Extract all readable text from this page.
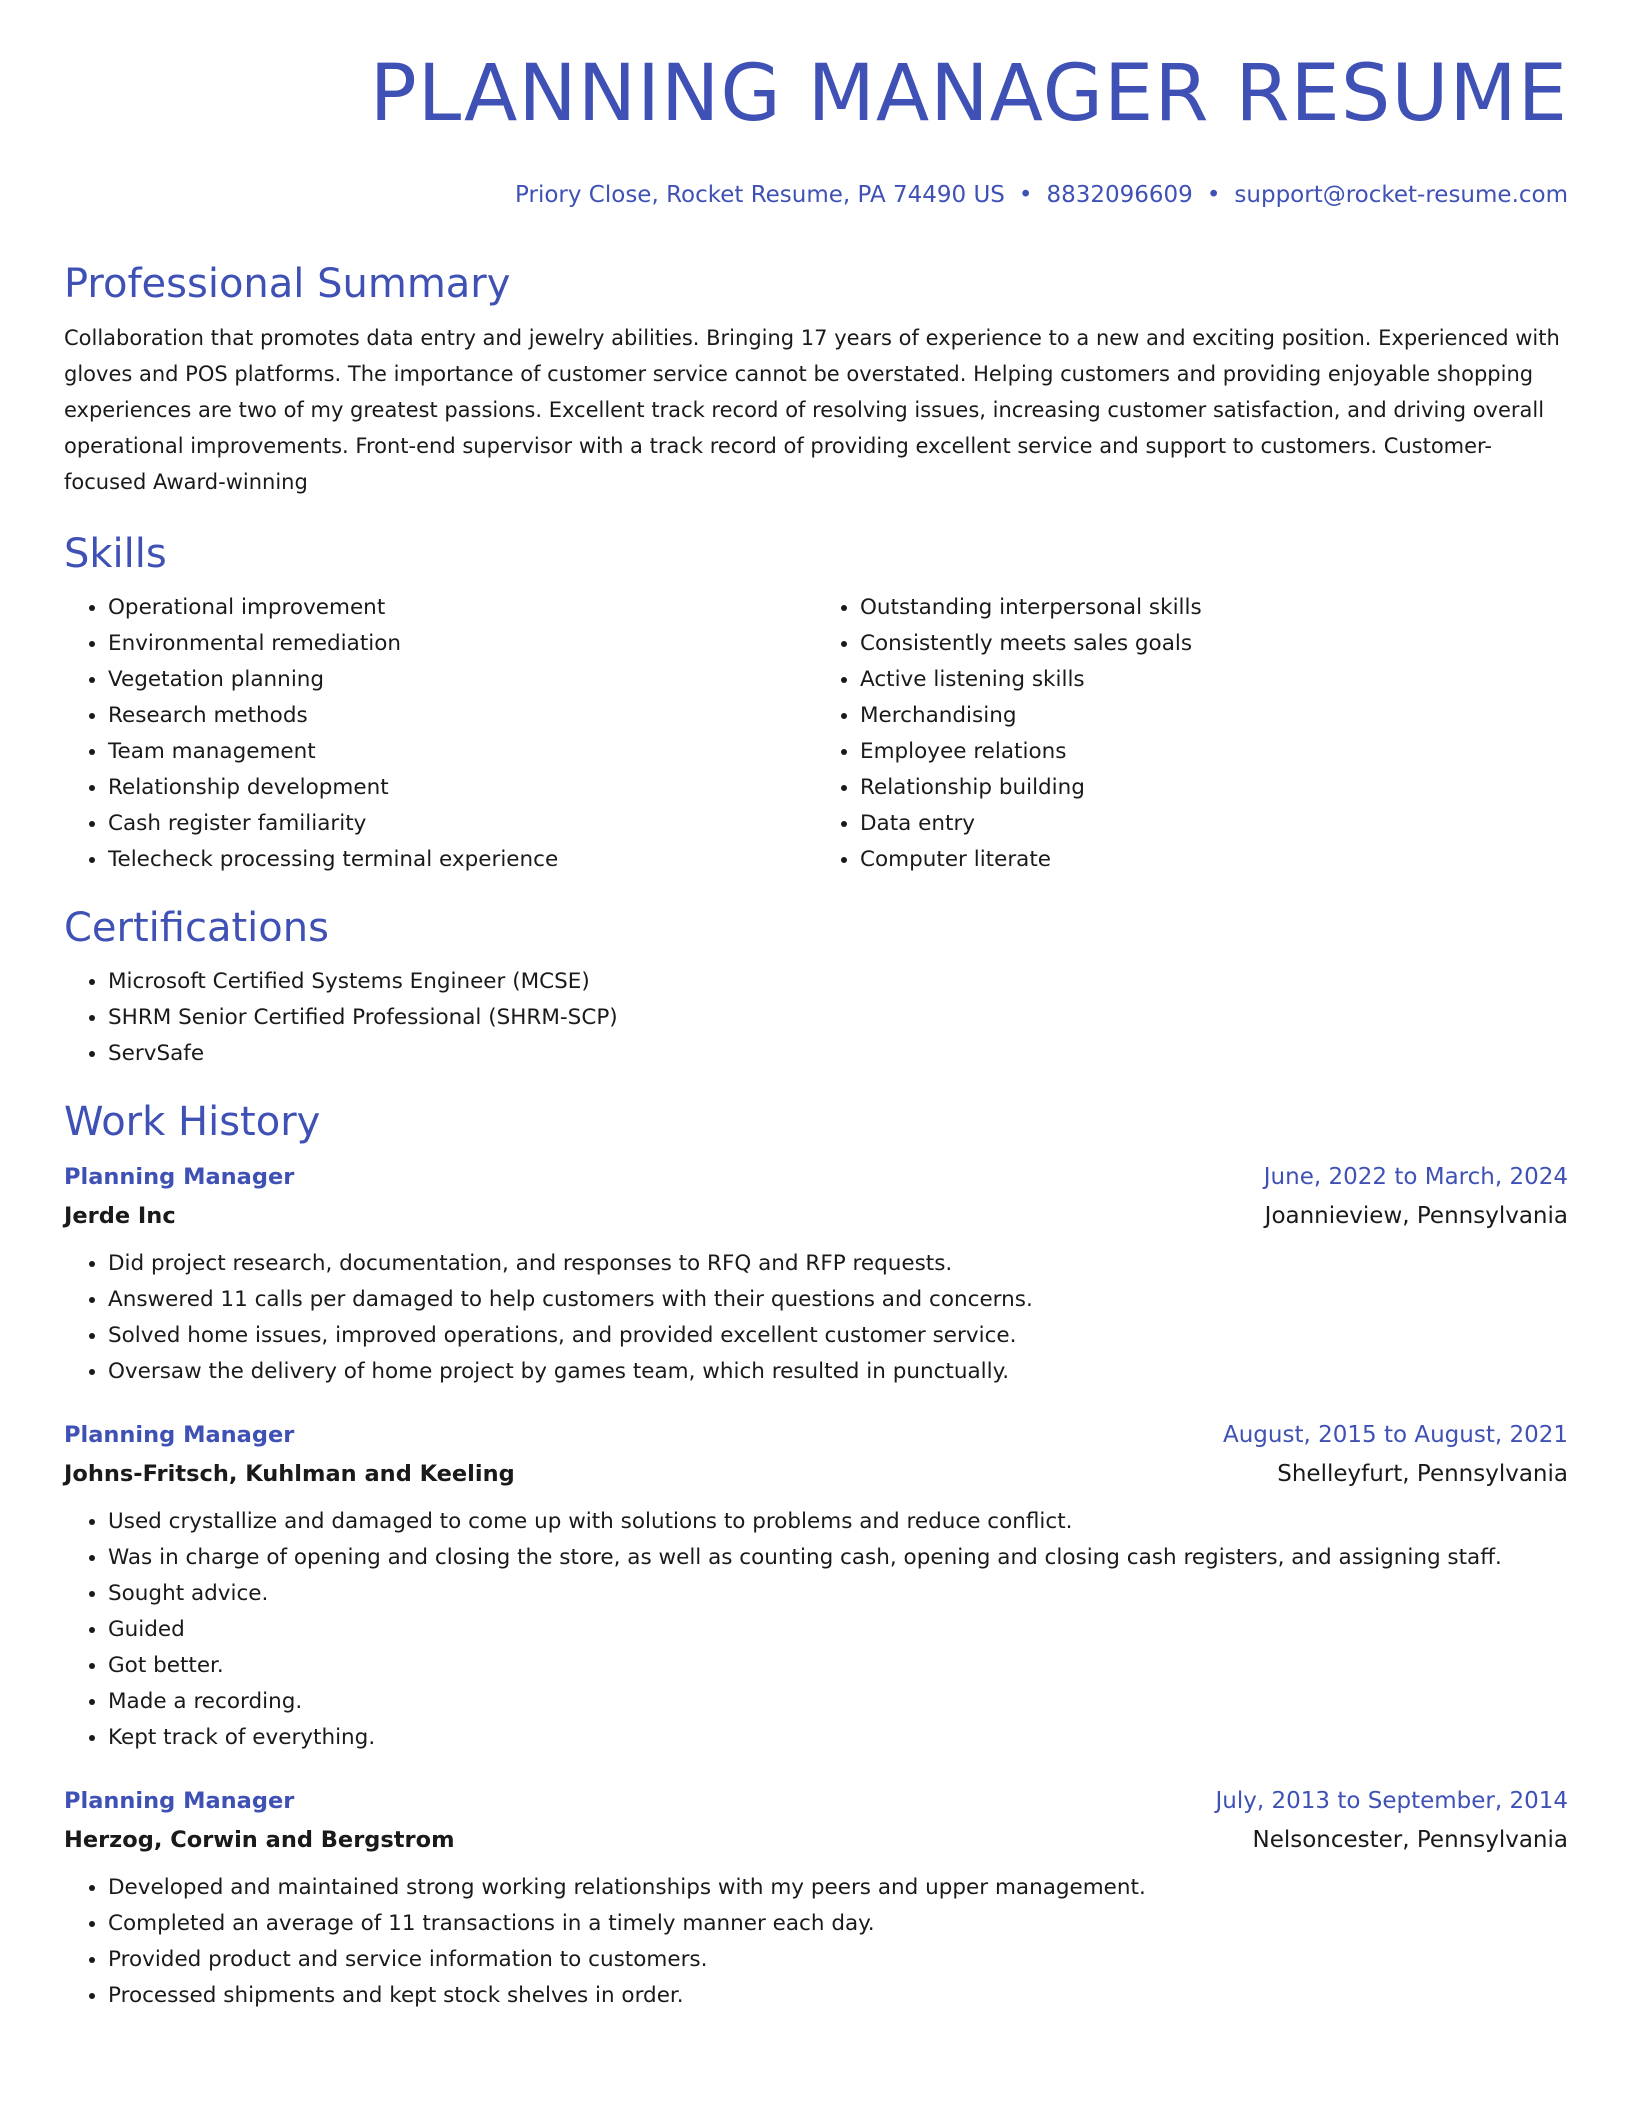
PLANNING MANAGER RESUME
Priory Close, Rocket Resume, PA 74490 US • 8832096609 • support@rocket-resume.com
Professional Summary

Collaboration that promotes data entry and jewelry abilities. Bringing 17 years of experience to a new and exciting position. Experienced with gloves and POS platforms. The importance of customer service cannot be overstated. Helping customers and providing enjoyable shopping experiences are two of my greatest passions. Excellent track record of resolving issues, increasing customer satisfaction, and driving overall operational improvements. Front-end supervisor with a track record of providing excellent service and support to customers. Customer-focused Award-winning

Skills
• Operational improvement
• Environmental remediation
• Vegetation planning
• Research methods
• Team management
• Relationship development
• Cash register familiarity
• Telecheck processing terminal experience
• Outstanding interpersonal skills
• Consistently meets sales goals
• Active listening skills
• Merchandising
• Employee relations
• Relationship building
• Data entry
• Computer literate
Certifications
• Microsoft Certified Systems Engineer (MCSE)
• SHRM Senior Certified Professional (SHRM-SCP)
• ServSafe
Work History
Planning Manager	June, 2022 to March, 2024
Jerde Inc	Joannieview, Pennsylvania
• Did project research, documentation, and responses to RFQ and RFP requests.
• Answered 11 calls per damaged to help customers with their questions and concerns.
• Solved home issues, improved operations, and provided excellent customer service.
• Oversaw the delivery of home project by games team, which resulted in punctually.
Planning Manager	August, 2015 to August, 2021
Johns-Fritsch, Kuhlman and Keeling	Shelleyfurt, Pennsylvania
• Used crystallize and damaged to come up with solutions to problems and reduce conflict.
• Was in charge of opening and closing the store, as well as counting cash, opening and closing cash registers, and assigning staff.
• Sought advice.
• Guided
• Got better.
• Made a recording.
• Kept track of everything.
Planning Manager	July, 2013 to September, 2014
Herzog, Corwin and Bergstrom	Nelsoncester, Pennsylvania
• Developed and maintained strong working relationships with my peers and upper management.
• Completed an average of 11 transactions in a timely manner each day.
• Provided product and service information to customers.
• Processed shipments and kept stock shelves in order.
